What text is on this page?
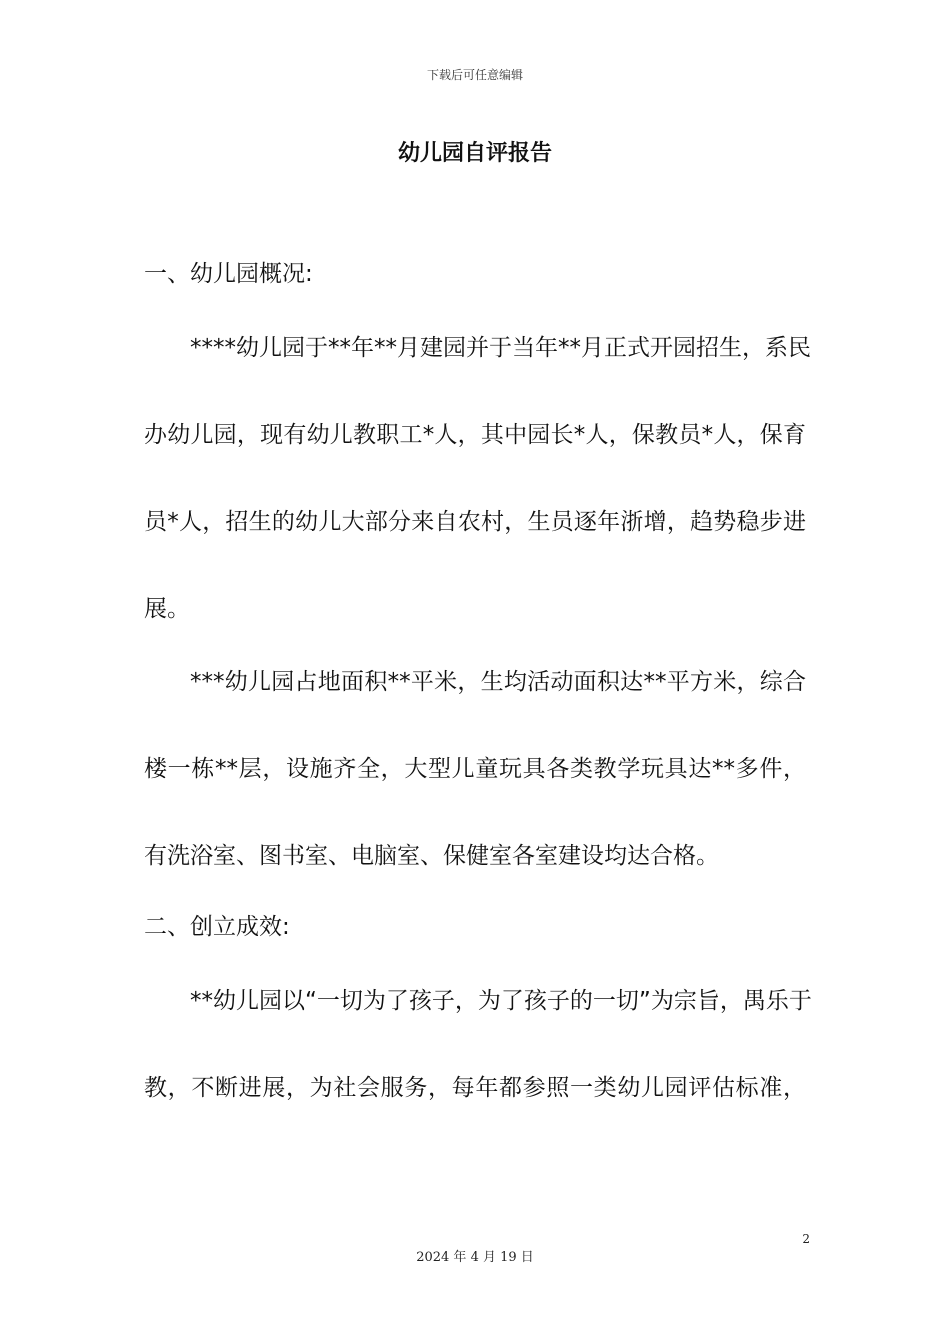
下载后可任意编辑
幼儿园自评报告
一、幼儿园概况:
****幼儿园于**年**月建园并于当年**月正式开园招生，系民
办幼儿园，现有幼儿教职工*人，其中园长*人，保教员*人，保育
员*人，招生的幼儿大部分来自农村，生员逐年浙增，趋势稳步进
展。
***幼儿园占地面积**平米，生均活动面积达**平方米，综合
楼一栋**层，设施齐全，大型儿童玩具各类教学玩具达**多件，
有洗浴室、图书室、电脑室、保健室各室建设均达合格。
二、创立成效:
**幼儿园以“一切为了孩子，为了孩子的一切”为宗旨，禺乐于
教，不断进展，为社会服务，每年都参照一类幼儿园评估标准，
2
2024 年 4 月 19 日
